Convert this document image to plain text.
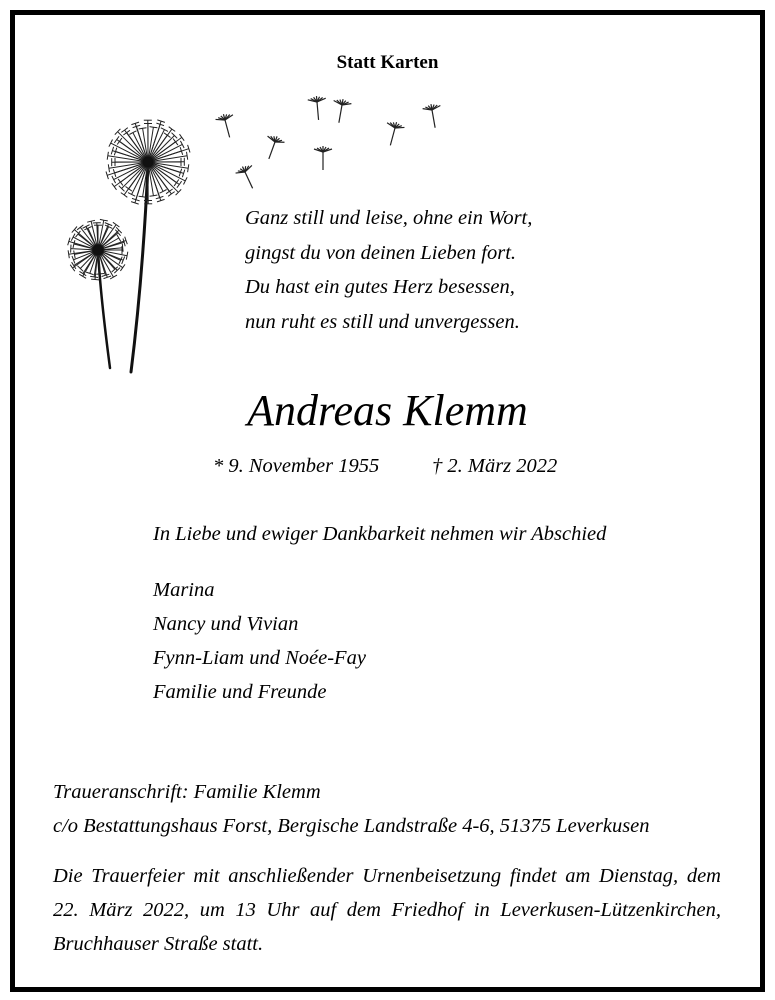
Statt Karten
Ganz still und leise, ohne ein Wort,
gingst du von deinen Lieben fort.
Du hast ein gutes Herz besessen,
nun ruht es still und unvergessen.
Andreas Klemm
* 9. November 1955	† 2. März 2022
In Liebe und ewiger Dankbarkeit nehmen wir Abschied
Marina
Nancy und Vivian
Fynn-Liam und Noée-Fay
Familie und Freunde
Traueranschrift: Familie Klemm
c/o Bestattungshaus Forst, Bergische Landstraße 4-6, 51375 Leverkusen
Die Trauerfeier mit anschließender Urnenbeisetzung findet am Dienstag, dem 22. März 2022, um 13 Uhr auf dem Friedhof in Leverkusen-Lützenkirchen, Bruchhauser Straße statt.
